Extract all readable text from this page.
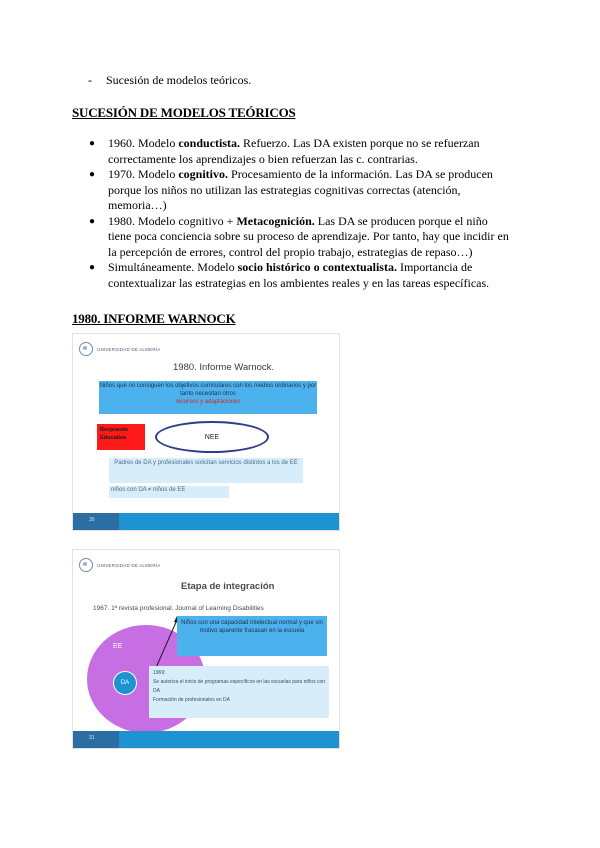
- Sucesión de modelos teóricos.
SUCESIÓN DE MODELOS TEÓRICOS
● 1960. Modelo conductista. Refuerzo. Las DA existen porque no se refuerzan correctamente los aprendizajes o bien refuerzan las c. contrarias.
● 1970. Modelo cognitivo. Procesamiento de la información. Las DA se producen porque los niños no utilizan las estrategias cognitivas correctas (atención, memoria…)
● 1980. Modelo cognitivo + Metacognición. Las DA se producen porque el niño tiene poca conciencia sobre su proceso de aprendizaje. Por tanto, hay que incidir en la percepción de errores, control del propio trabajo, estrategias de repaso…)
● Simultáneamente. Modelo socio histórico o contextualista. Importancia de contextualizar las estrategias en los ambientes reales y en las tareas específicas.
1980. INFORME WARNOCK
UNIVERSIDAD DE ALMERÍA
1980. Informe Warnock.
Niños que no consiguen los objetivos curriculares con los medios ordinarios y por tanto necesitan otros
recursos y adaptaciones
Respuesta Educativa	NEE
Padres de DA y profesionales solicitan servicios distintos a los de EE
niños con DA ≠ niños de EE
30
UNIVERSIDAD DE ALMERÍA
Etapa de integración
1967. 1ª revista profesional. Journal of Learning Disabilities
EE
DA
Niños con una capacidad intelectual normal y que sin motivo aparente fracasan en la escuela
1969:
Se autoriza el inicio de programas específicos en las escuelas para niños con DA
Formación de profesionales en DA
31
